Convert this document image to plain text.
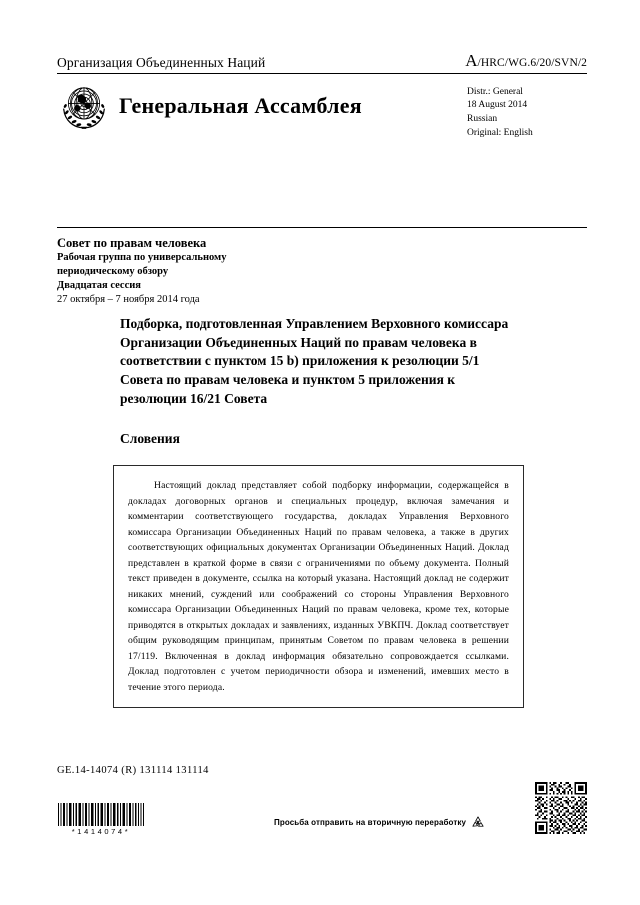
Организация Объединенных Наций	A/HRC/WG.6/20/SVN/2
Генеральная Ассамблея
Distr.: General
18 August 2014
Russian
Original: English
Совет по правам человека
Рабочая группа по универсальному
периодическому обзору
Двадцатая сессия
27 октября – 7 ноября 2014 года
Подборка, подготовленная Управлением Верховного комиссара Организации Объединенных Наций по правам человека в соответствии с пунктом 15 b) приложения к резолюции 5/1 Совета по правам человека и пунктом 5 приложения к резолюции 16/21 Совета
Словения
Настоящий доклад представляет собой подборку информации, содержащейся в докладах договорных органов и специальных процедур, включая замечания и комментарии соответствующего государства, докладах Управления Верховного комиссара Организации Объединенных Наций по правам человека, а также в других соответствующих официальных документах Организации Объединенных Наций. Доклад представлен в краткой форме в связи с ограничениями по объему документа. Полный текст приведен в документе, ссылка на который указана. Настоящий доклад не содержит никаких мнений, суждений или соображений со стороны Управления Верховного комиссара Организации Объединенных Наций по правам человека, кроме тех, которые приводятся в открытых докладах и заявлениях, изданных УВКПЧ. Доклад соответствует общим руководящим принципам, принятым Советом по правам человека в решении 17/119. Включенная в доклад информация обязательно сопровождается ссылками. Доклад подготовлен с учетом периодичности обзора и изменений, имевших место в течение этого периода.
GE.14-14074 (R) 131114 131114
*1414074*
Просьба отправить на вторичную переработку
